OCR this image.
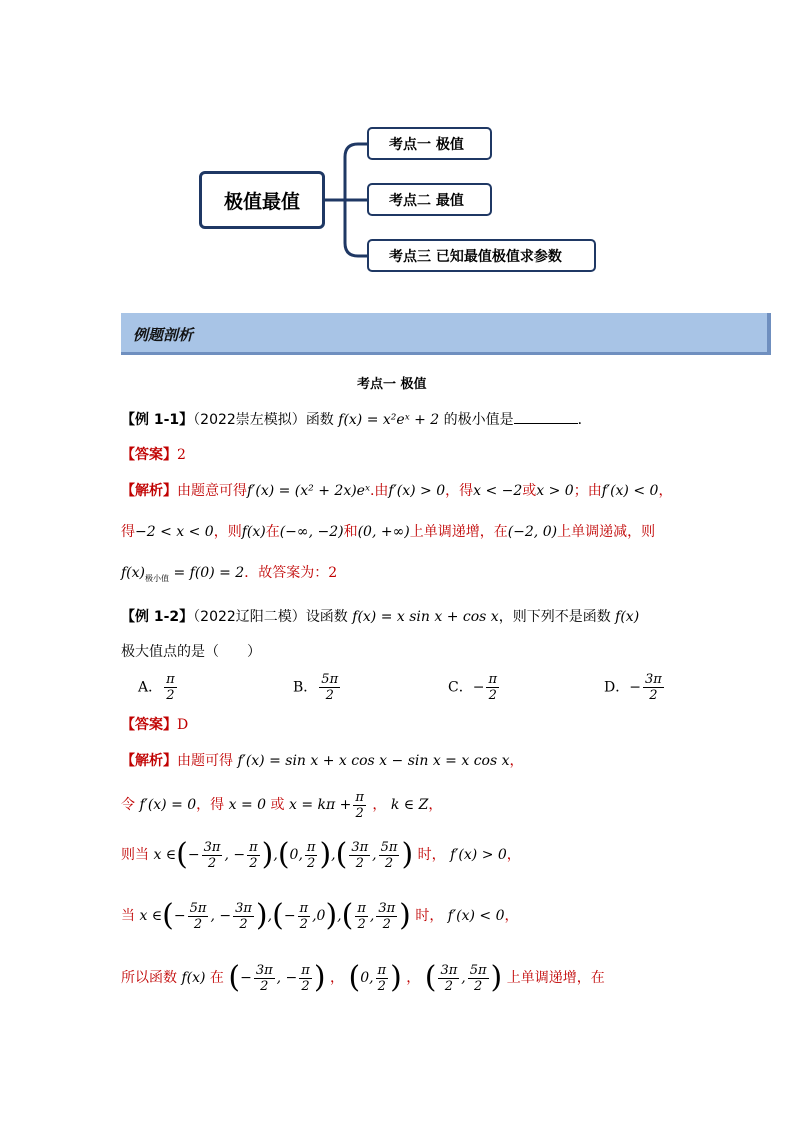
极值最值
考点一 极值
考点二 最值
考点三 已知最值极值求参数
例题剖析
考点一 极值
【例 1-1】（2022崇左模拟）函数 f(x) = x²eˣ + 2 的极小值是	．
【答案】2
【解析】由题意可得f′(x) = (x² + 2x)eˣ.由f′(x) > 0，得x < −2或x > 0；由f′(x) < 0，
得−2 < x < 0，则f(x)在(−∞, −2)和(0, +∞)上单调递增，在(−2, 0)上单调递减，则
$f(x)_{极小值} = f(0) = 2$．故答案为：2
【例 1-2】（2022辽阳二模）设函数 f(x) = x sin x + cos x，则下列不是函数 f(x)
极大值点的是（　　）
A． $\frac{\pi}{2}$	B． $\frac{5\pi}{2}$	C．− $\frac{\pi}{2}$	D．− $\frac{3\pi}{2}$
【答案】D
【解析】由题可得 f′(x) = sin x + x cos x − sin x = x cos x，
令 f′(x) = 0，得 x = 0 或 $x = k\pi + \frac{\pi}{2}$ ， k ∈ Z，
则当 x ∈(− $\frac{3\pi}{2}$ , − $\frac{\pi}{2} ),(0$, $\frac{\pi}{2}$ ),( $\frac{3\pi}{2}$ , $\frac{5\pi}{2}$ ) 时， f′(x) > 0，
当 x ∈(− $\frac{5\pi}{2}$ , − $\frac{3\pi}{2}$ ),(− $\frac{\pi}{2} ,0),( \frac{\pi}{2}$ , $\frac{3\pi}{2}$ ) 时， f′(x) < 0，
所以函数 f(x) 在 (− $\frac{3\pi}{2}$ , − $\frac{\pi}{2}$ ) ， (0, $\frac{\pi}{2}$ ) ， ( $\frac{3\pi}{2}$ , $\frac{5\pi}{2}$ ) 上单调递增，在
